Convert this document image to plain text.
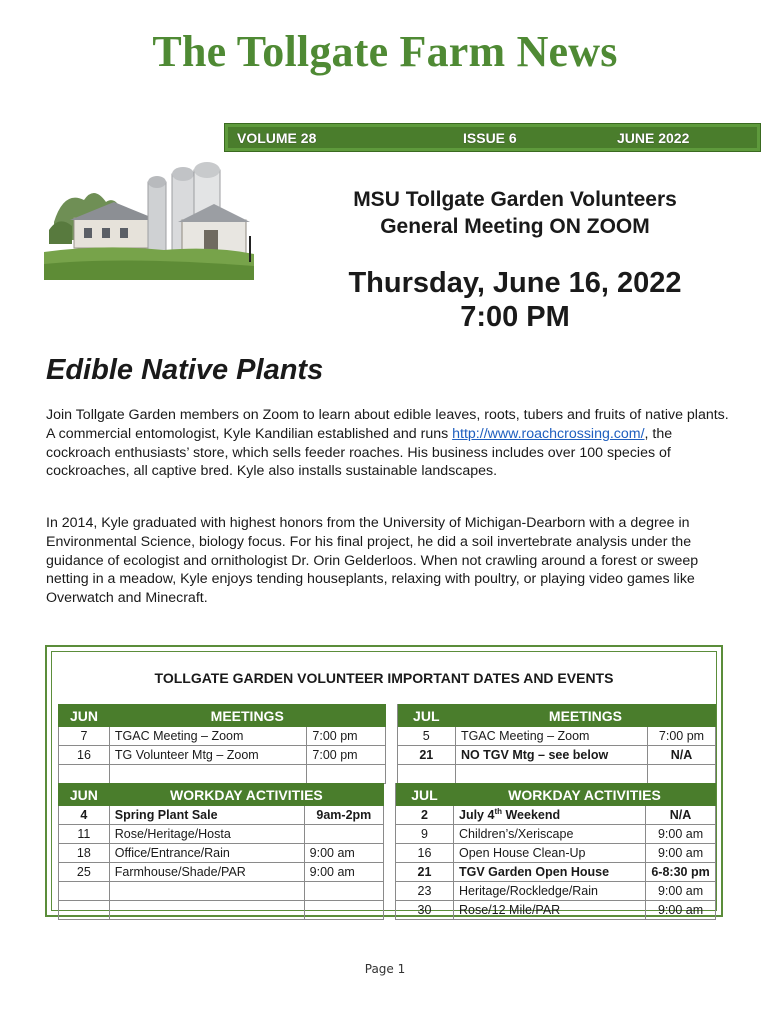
The Tollgate Farm News
VOLUME 28	ISSUE 6	JUNE 2022
MSU Tollgate Garden Volunteers
General Meeting ON ZOOM
Thursday, June 16, 2022
7:00 PM
Edible Native Plants
Join Tollgate Garden members on Zoom to learn about edible leaves, roots, tubers and fruits of native plants. A commercial entomologist, Kyle Kandilian established and runs http://www.roachcrossing.com/, the cockroach enthusiasts’ store, which sells feeder roaches. His business includes over 100 species of cockroaches, all captive bred. Kyle also installs sustainable landscapes.
In 2014, Kyle graduated with highest honors from the University of Michigan-Dearborn with a degree in Environmental Science, biology focus. For his final project, he did a soil invertebrate analysis under the guidance of ecologist and ornithologist Dr. Orin Gelderloos. When not crawling around a forest or sweep netting in a meadow, Kyle enjoys tending houseplants, relaxing with poultry, or playing video games like Overwatch and Minecraft.
TOLLGATE GARDEN VOLUNTEER IMPORTANT DATES AND EVENTS
JUN	MEETINGS			JUL	MEETINGS	
7	TGAC Meeting – Zoom	7:00 pm		5	TGAC Meeting – Zoom	7:00 pm
16	TG Volunteer Mtg – Zoom	7:00 pm		21	NO TGV Mtg – see below	N/A

JUN	WORKDAY ACTIVITIES			JUL	WORKDAY ACTIVITIES	
4	Spring Plant Sale	9am-2pm		2	July 4th Weekend	N/A
11	Rose/Heritage/Hosta			9	Children’s/Xeriscape	9:00 am
18	Office/Entrance/Rain	9:00 am		16	Open House Clean-Up	9:00 am
25	Farmhouse/Shade/PAR	9:00 am		21	TGV Garden Open House	6-8:30 pm
				23	Heritage/Rockledge/Rain	9:00 am
				30	Rose/12 Mile/PAR	9:00 am
Page 1
